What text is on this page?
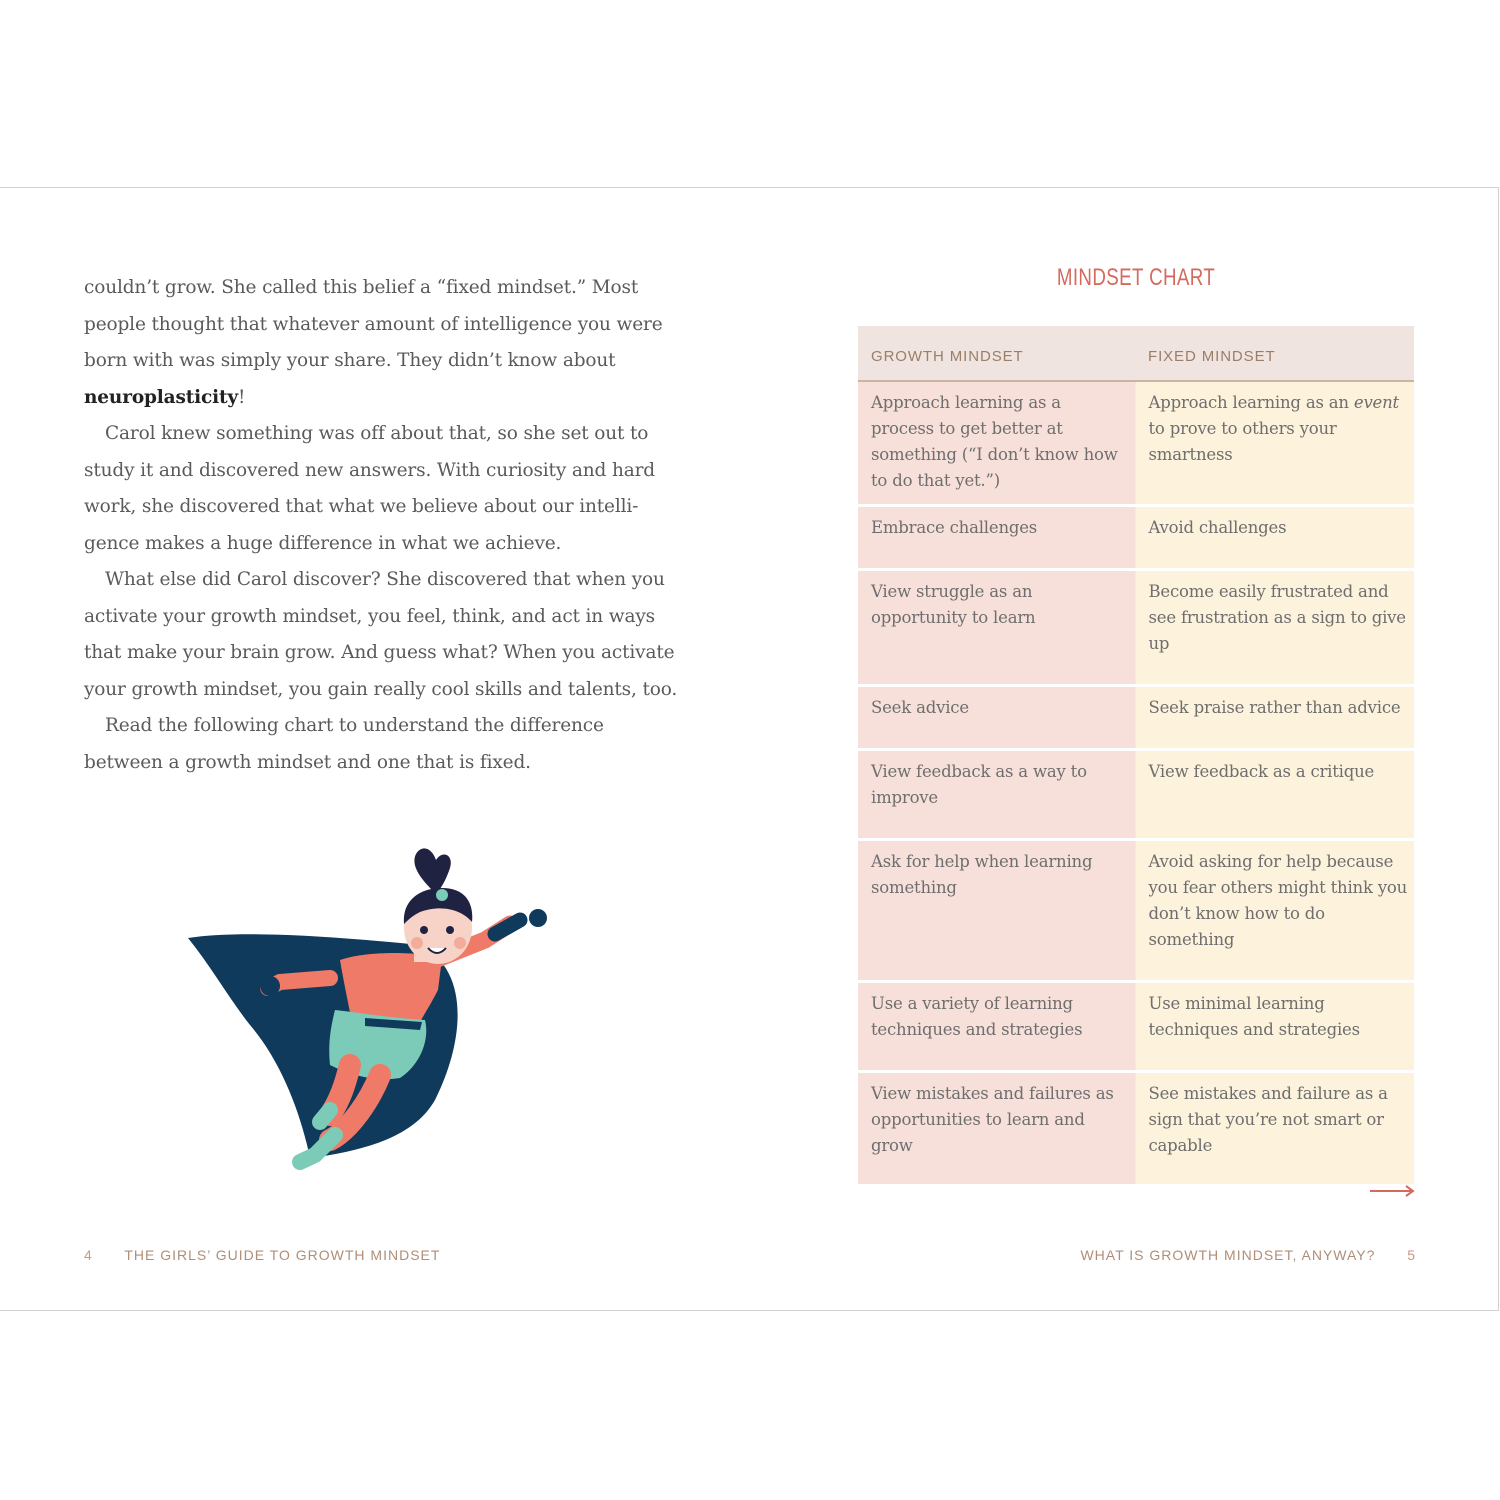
couldn’t grow. She called this belief a “fixed mindset.” Most
people thought that whatever amount of intelligence you were
born with was simply your share. They didn’t know about
neuroplasticity!
Carol knew something was off about that, so she set out to
study it and discovered new answers. With curiosity and hard
work, she discovered that what we believe about our intelli-
gence makes a huge difference in what we achieve.
What else did Carol discover? She discovered that when you
activate your growth mindset, you feel, think, and act in ways
that make your brain grow. And guess what? When you activate
your growth mindset, you gain really cool skills and talents, too.
Read the following chart to understand the difference
between a growth mindset and one that is fixed.
MINDSET CHART
GROWTH MINDSET	FIXED MINDSET
Approach learning as a process to get better at something (“I don’t know how to do that yet.”)	Approach learning as an event to prove to others your smartness
Embrace challenges	Avoid challenges
View struggle as an opportunity to learn	Become easily frustrated and see frustration as a sign to give up
Seek advice	Seek praise rather than advice
View feedback as a way to improve	View feedback as a critique
Ask for help when learning something	Avoid asking for help because you fear others might think you don’t know how to do something
Use a variety of learning techniques and strategies	Use minimal learning techniques and strategies
View mistakes and failures as opportunities to learn and grow	See mistakes and failure as a sign that you’re not smart or capable
4 THE GIRLS’ GUIDE TO GROWTH MINDSET	WHAT IS GROWTH MINDSET, ANYWAY? 5
